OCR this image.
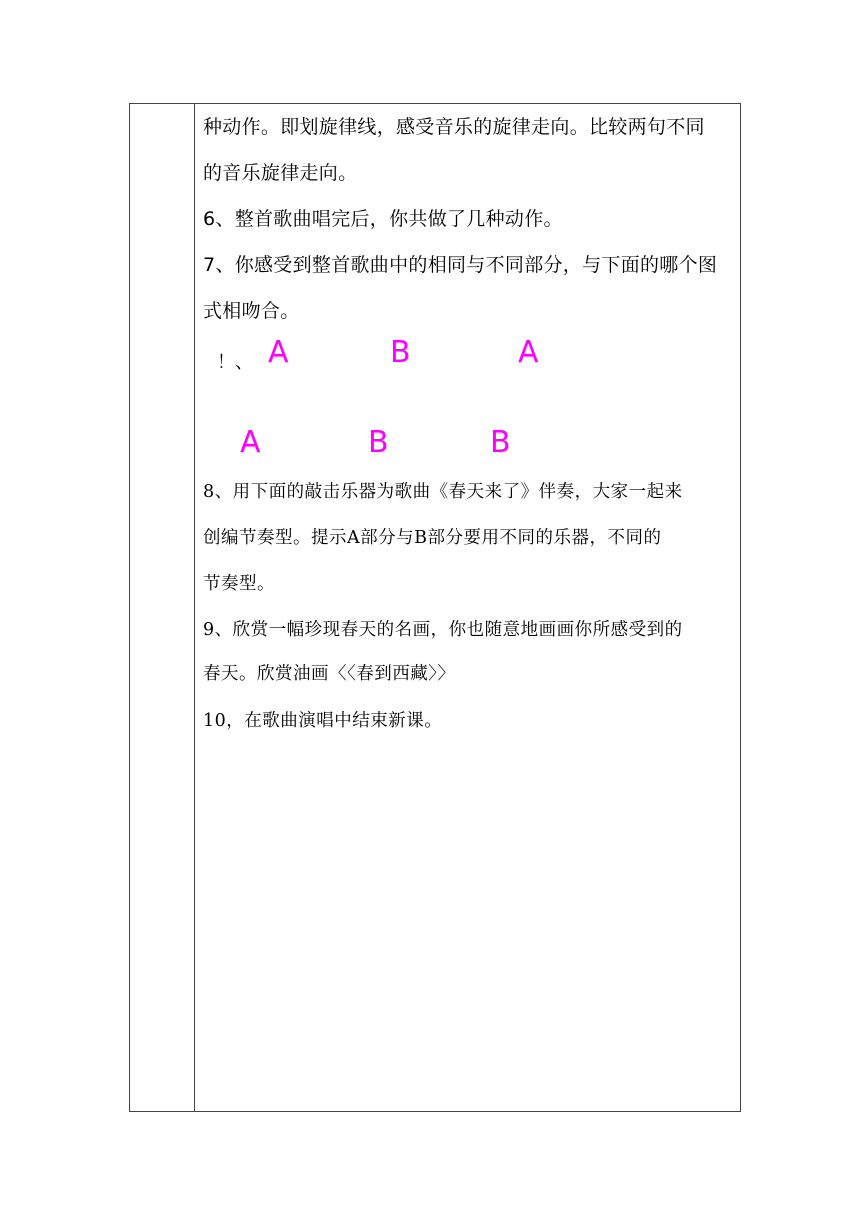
种动作。即划旋律线，感受音乐的旋律走向。比较两句不同

的音乐旋律走向。

6、整首歌曲唱完后，你共做了几种动作。

7、你感受到整首歌曲中的相同与不同部分，与下面的哪个图

式相吻合。

！、 A	B	A
A	B	B

8、用下面的敲击乐器为歌曲《春天来了》伴奏，大家一起来

创编节奏型。提示A部分与B部分要用不同的乐器，不同的

节奏型。

9、欣赏一幅珍现春天的名画，你也随意地画画你所感受到的

春天。欣赏油画〈〈春到西藏〉〉

10，在歌曲演唱中结束新课。
